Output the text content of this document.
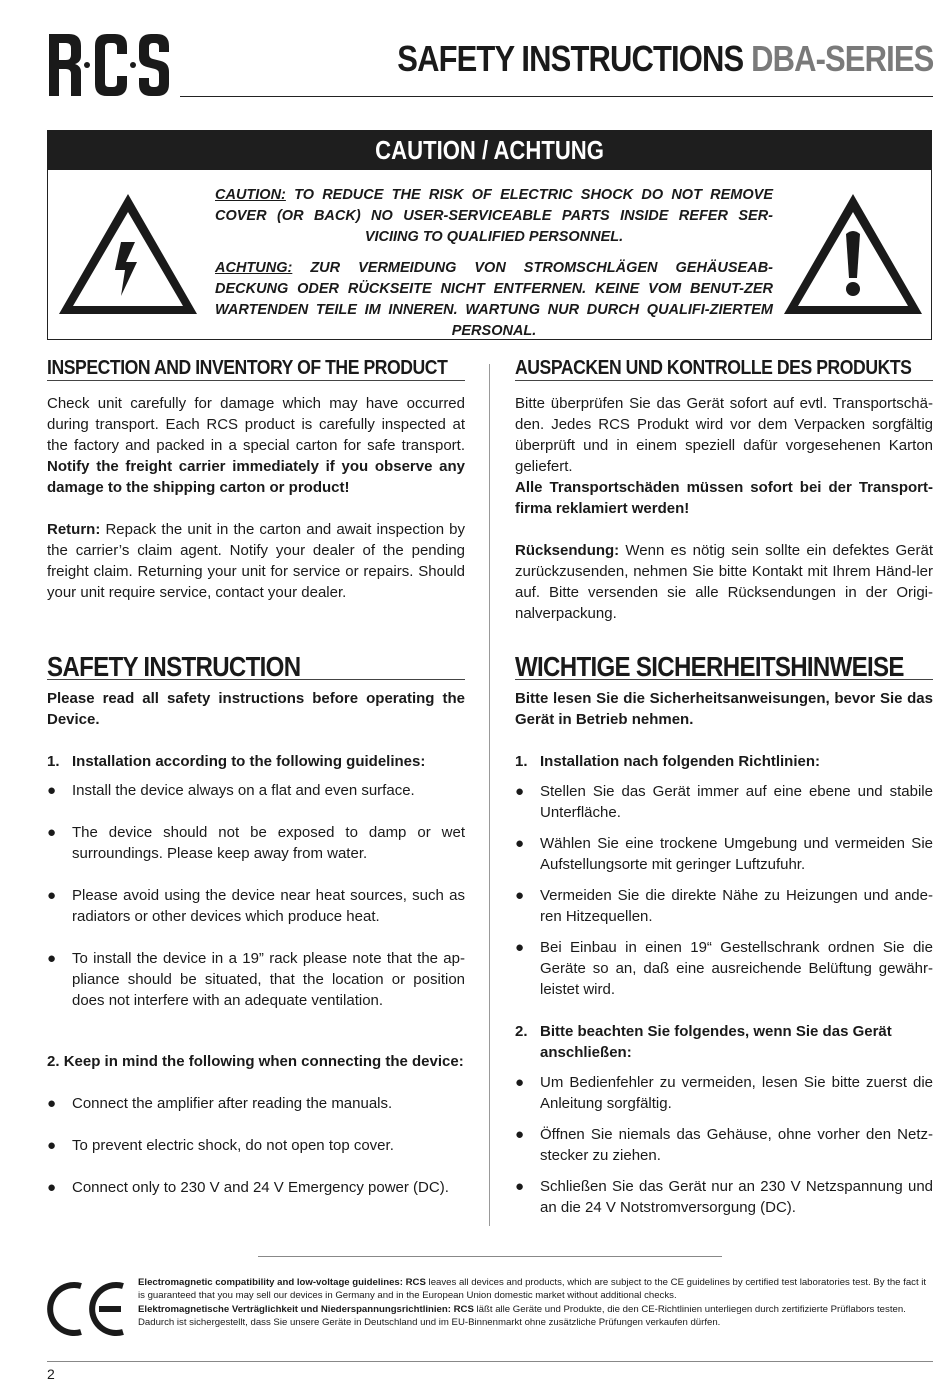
SAFETY INSTRUCTIONS DBA-SERIES
CAUTION / ACHTUNG

CAUTION: TO REDUCE THE RISK OF ELECTRIC SHOCK DO NOT REMOVE COVER (OR BACK) NO USER-SERVICEABLE PARTS INSIDE REFER SER-VICIING TO QUALIFIED PERSONNEL.

ACHTUNG: ZUR VERMEIDUNG VON STROMSCHLÄGEN GEHÄUSEAB-DECKUNG ODER RÜCKSEITE NICHT ENTFERNEN. KEINE VOM BENUT-ZER WARTENDEN TEILE IM INNEREN. WARTUNG NUR DURCH QUALIFI-ZIERTEM PERSONAL.

INSPECTION AND INVENTORY OF THE PRODUCT

Check unit carefully for damage which may have occurred during transport. Each RCS product is carefully inspected at the factory and packed in a special carton for safe transport. Notify the freight carrier immediately if you observe any damage to the shipping carton or product!

Return: Repack the unit in the carton and await inspection by the carrier’s claim agent. Notify your dealer of the pending freight claim. Returning your unit for service or repairs. Should your unit require service, contact your dealer.

AUSPACKEN UND KONTROLLE DES PRODUKTS

Bitte überprüfen Sie das Gerät sofort auf evtl. Transportschä-den. Jedes RCS Produkt wird vor dem Verpacken sorgfältig überprüft und in einem speziell dafür vorgesehenen Karton geliefert.

Alle Transportschäden müssen sofort bei der Transport-firma reklamiert werden!

Rücksendung: Wenn es nötig sein sollte ein defektes Gerät zurückzusenden, nehmen Sie bitte Kontakt mit Ihrem Händ-ler auf. Bitte versenden sie alle Rücksendungen in der Origi-nalverpackung.

SAFETY INSTRUCTION

Please read all safety instructions before operating the Device.

1. Installation according to the following guidelines:
● Install the device always on a flat and even surface.
● The device should not be exposed to damp or wet surroundings. Please keep away from water.
● Please avoid using the device near heat sources, such as radiators or other devices which produce heat.
● To install the device in a 19” rack please note that the ap-pliance should be situated, that the location or position does not interfere with an adequate ventilation.
2. Keep in mind the following when connecting the device:
● Connect the amplifier after reading the manuals.
● To prevent electric shock, do not open top cover.
● Connect only to 230 V and 24 V Emergency power (DC).
WICHTIGE SICHERHEITSHINWEISE

Bitte lesen Sie die Sicherheitsanweisungen, bevor Sie das Gerät in Betrieb nehmen.

1. Installation nach folgenden Richtlinien:
● Stellen Sie das Gerät immer auf eine ebene und stabile Unterfläche.
● Wählen Sie eine trockene Umgebung und vermeiden Sie Aufstellungsorte mit geringer Luftzufuhr.
● Vermeiden Sie die direkte Nähe zu Heizungen und ande-ren Hitzequellen.
● Bei Einbau in einen 19“ Gestellschrank ordnen Sie die Geräte so an, daß eine ausreichende Belüftung gewähr-leistet wird.
2. Bitte beachten Sie folgendes, wenn Sie das Gerät anschließen:
● Um Bedienfehler zu vermeiden, lesen Sie bitte zuerst die Anleitung sorgfältig.
● Öffnen Sie niemals das Gehäuse, ohne vorher den Netz-stecker zu ziehen.
● Schließen Sie das Gerät nur an 230 V Netzspannung und an die 24 V Notstromversorgung (DC).

Electromagnetic compatibility and low-voltage guidelines: RCS leaves all devices and products, which are subject to the CE guidelines by certified test laboratories test. By the fact it is guaranteed that you may sell our devices in Germany and in the European Union domestic market without additional checks.

Elektromagnetische Verträglichkeit und Niederspannungsrichtlinien: RCS läßt alle Geräte und Produkte, die den CE-Richtlinien unterliegen durch zertifizierte Prüflabors testen. Dadurch ist sichergestellt, dass Sie unsere Geräte in Deutschland und im EU-Binnenmarkt ohne zusätzliche Prüfungen verkaufen dürfen.

2
